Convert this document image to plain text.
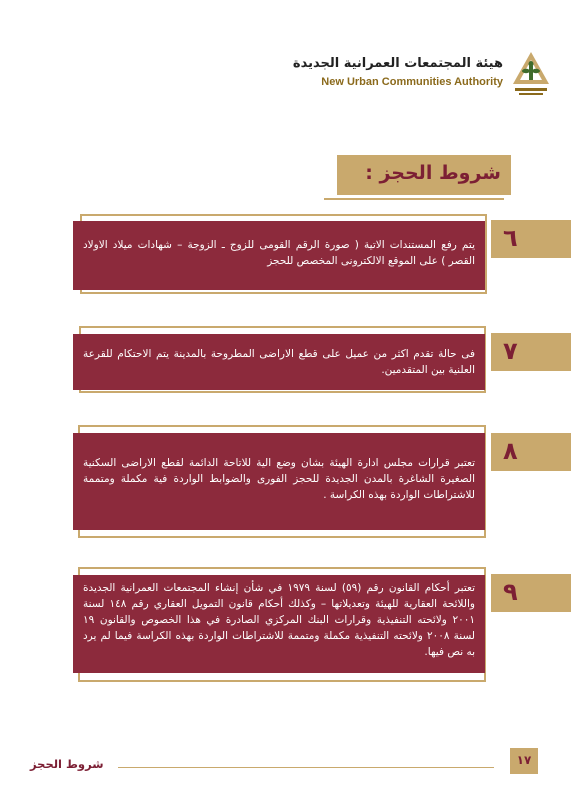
هيئة المجتمعات العمرانية الجديدة
New Urban Communities Authority
شروط الحجز :
٦
يتم رفع المستندات الاتية ( صورة الرقم القومى للزوج ـ الزوجة – شهادات ميلاد الاولاد القصر ) على الموقع الالكترونى المخصص للحجز
٧
فى حالة تقدم اكثر من عميل على قطع الاراضى المطروحة بالمدينة يتم الاحتكام للقرعة العلنية بين المتقدمين.
٨
تعتبر قرارات مجلس ادارة الهيئة بشان وضع الية للاتاحة الدائمة لقطع الاراضى السكنية الصغيرة الشاغرة بالمدن الجديدة للحجز الفورى والضوابط الواردة فية مكملة ومتممة للاشتراطات الواردة بهذه الكراسة .
٩
تعتبر أحكام القانون رقم (٥٩) لسنة ١٩٧٩ في شأن إنشاء المجتمعات العمرانية الجديدة واللائحة العقارية للهيئة وتعديلاتها – وكذلك أحكام قانون التمويل العقاري رقم ١٤٨ لسنة ٢٠٠١ ولائحته التنفيذية وقرارات البنك المركزي الصادرة في هذا الخصوص والقانون ١٩ لسنة ٢٠٠٨ ولائحته التنفيذية مكملة ومتممة للاشتراطات الواردة بهذه الكراسة فيما لم يرد به نص فيها.
شروط الحجز	١٧
